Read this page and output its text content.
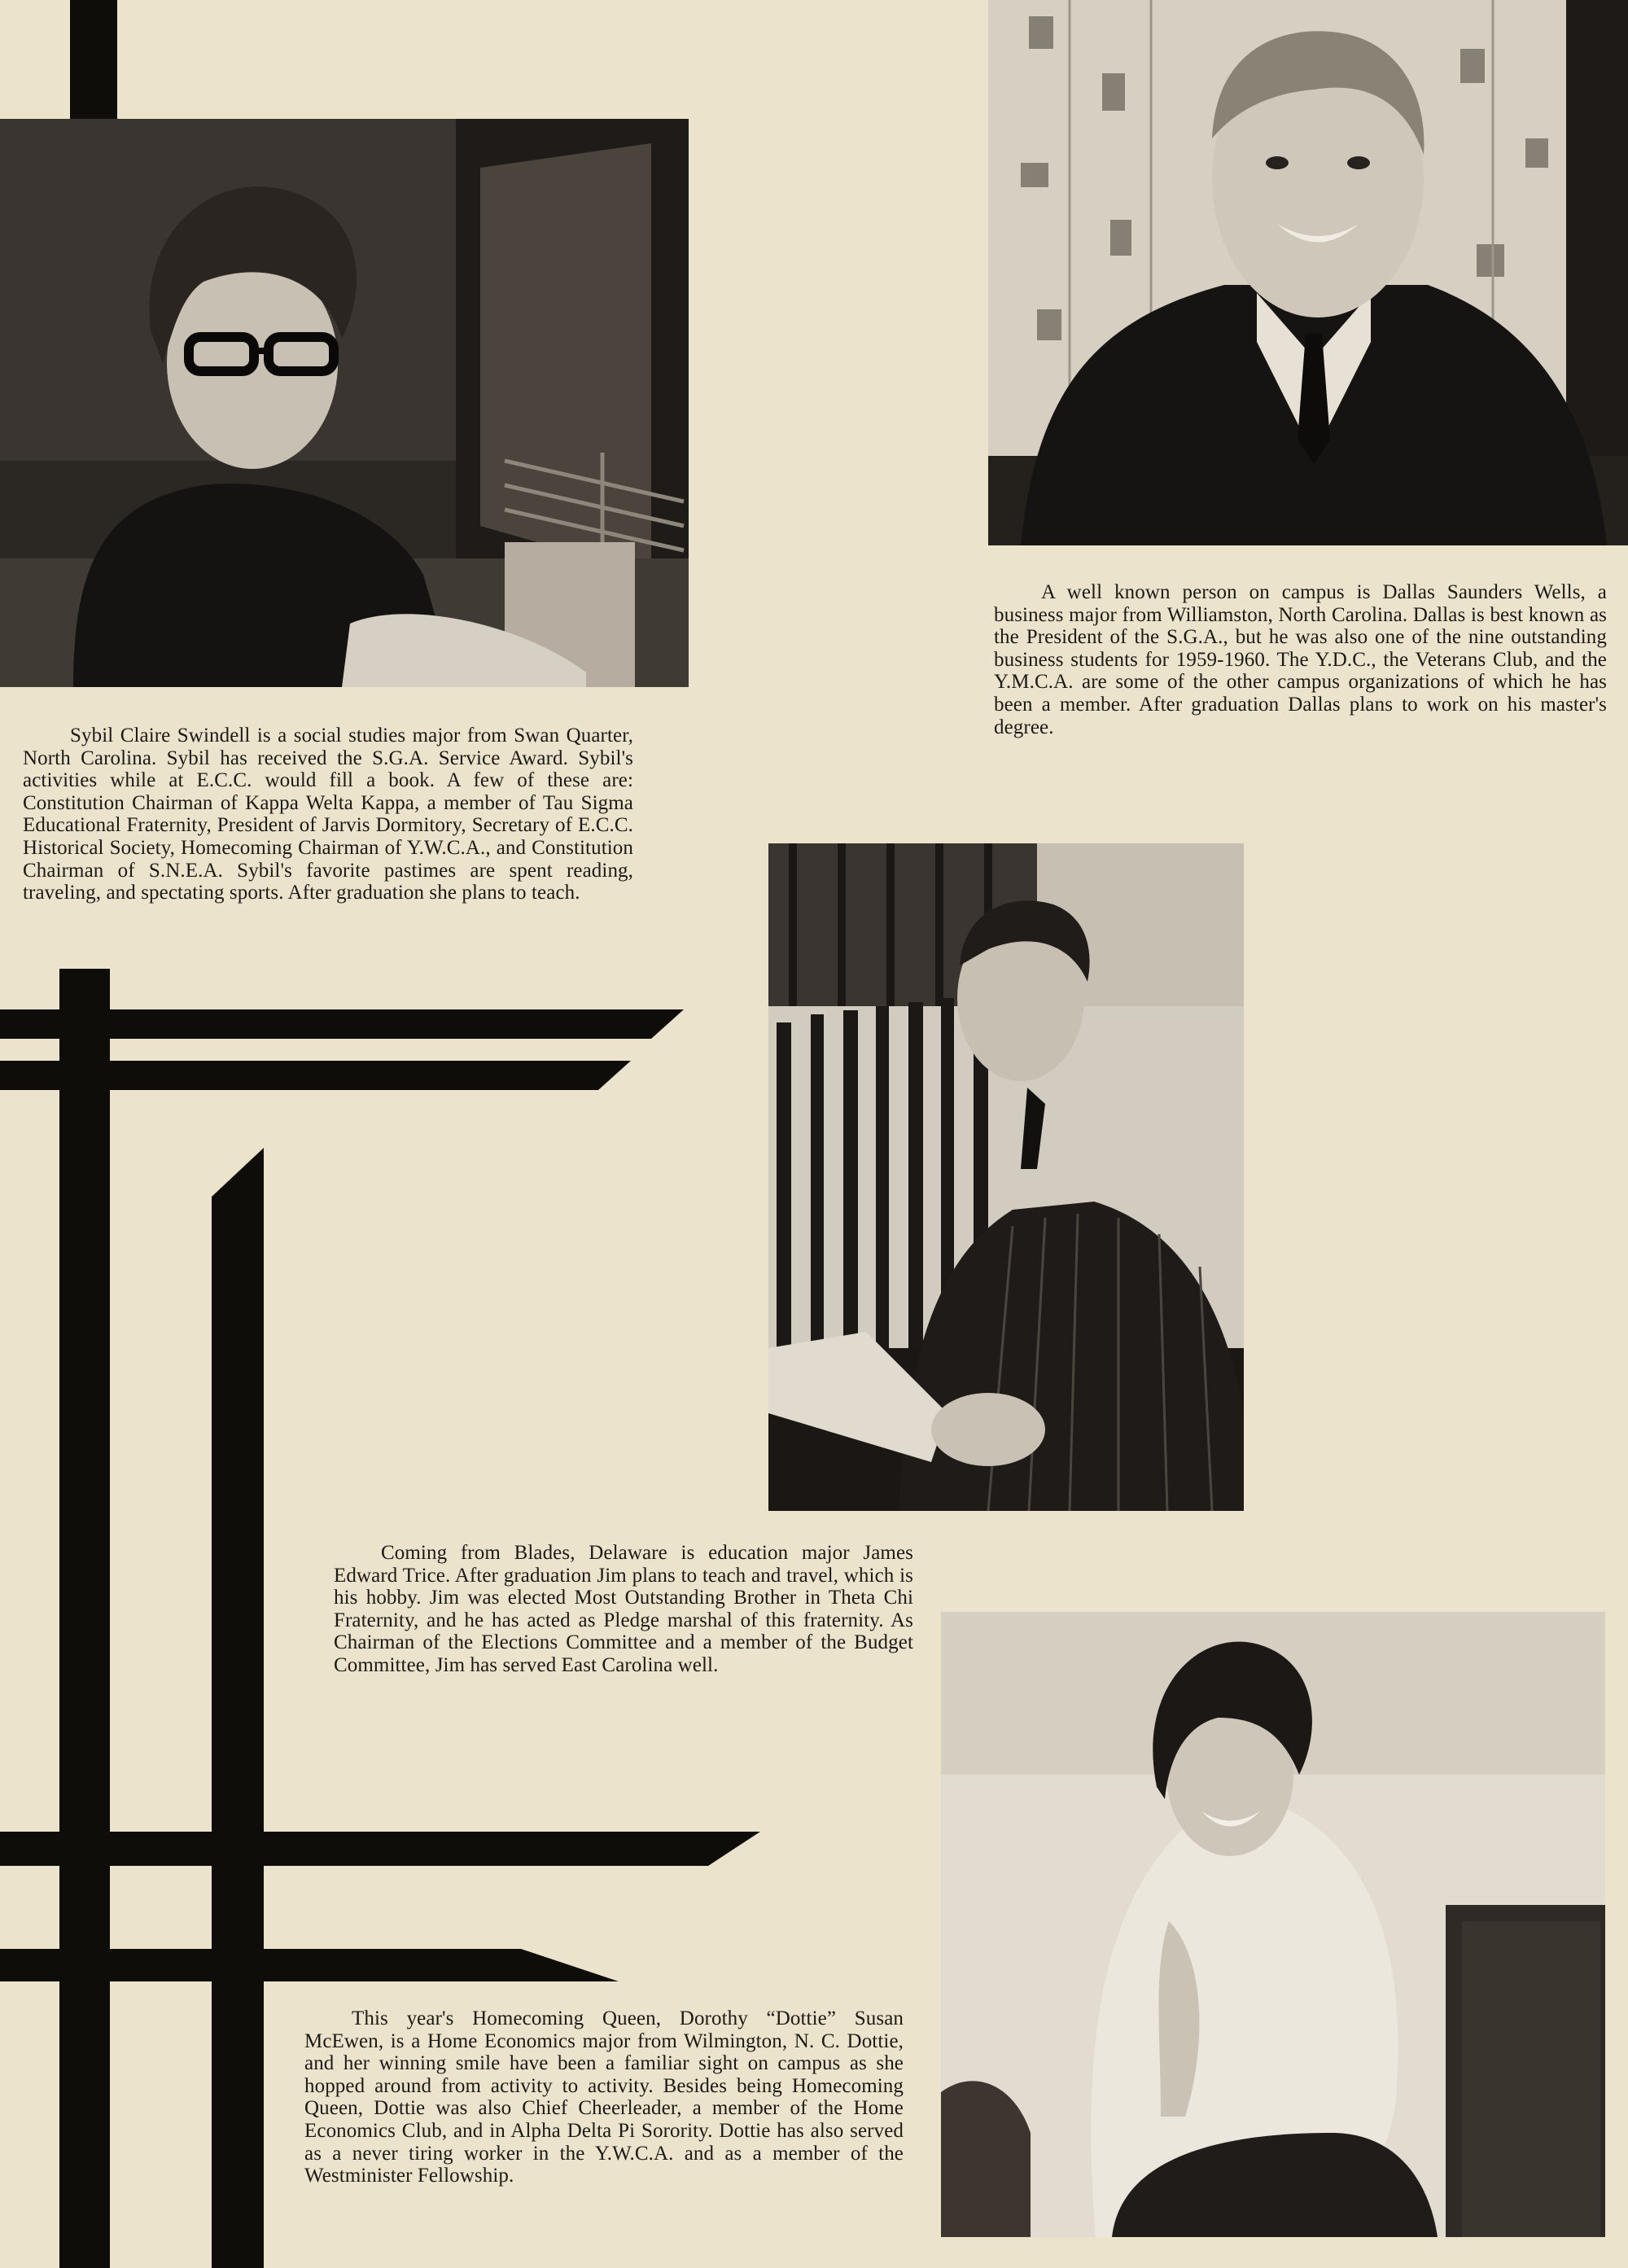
A well known person on campus is Dallas Saunders Wells, a business major from Williamston, North Carolina. Dallas is best known as the President of the S.G.A., but he was also one of the nine outstanding business students for 1959-1960. The Y.D.C., the Veterans Club, and the Y.M.C.A. are some of the other campus organizations of which he has been a member. After graduation Dallas plans to work on his master's degree.

Sybil Claire Swindell is a social studies major from Swan Quarter, North Carolina. Sybil has received the S.G.A. Service Award. Sybil's activities while at E.C.C. would fill a book. A few of these are: Constitution Chairman of Kappa Welta Kappa, a member of Tau Sigma Educational Fraternity, President of Jarvis Dormitory, Secretary of E.C.C. Historical Society, Homecoming Chairman of Y.W.C.A., and Constitution Chairman of S.N.E.A. Sybil's favorite pastimes are spent reading, traveling, and spectating sports. After graduation she plans to teach.

Coming from Blades, Delaware is education major James Edward Trice. After graduation Jim plans to teach and travel, which is his hobby. Jim was elected Most Outstanding Brother in Theta Chi Fraternity, and he has acted as Pledge marshal of this fraternity. As Chairman of the Elections Committee and a member of the Budget Committee, Jim has served East Carolina well.

This year's Homecoming Queen, Dorothy “Dottie” Susan McEwen, is a Home Economics major from Wilmington, N. C. Dottie, and her winning smile have been a familiar sight on campus as she hopped around from activity to activity. Besides being Homecoming Queen, Dottie was also Chief Cheerleader, a member of the Home Economics Club, and in Alpha Delta Pi Sorority. Dottie has also served as a never tiring worker in the Y.W.C.A. and as a member of the Westminister Fellowship.
